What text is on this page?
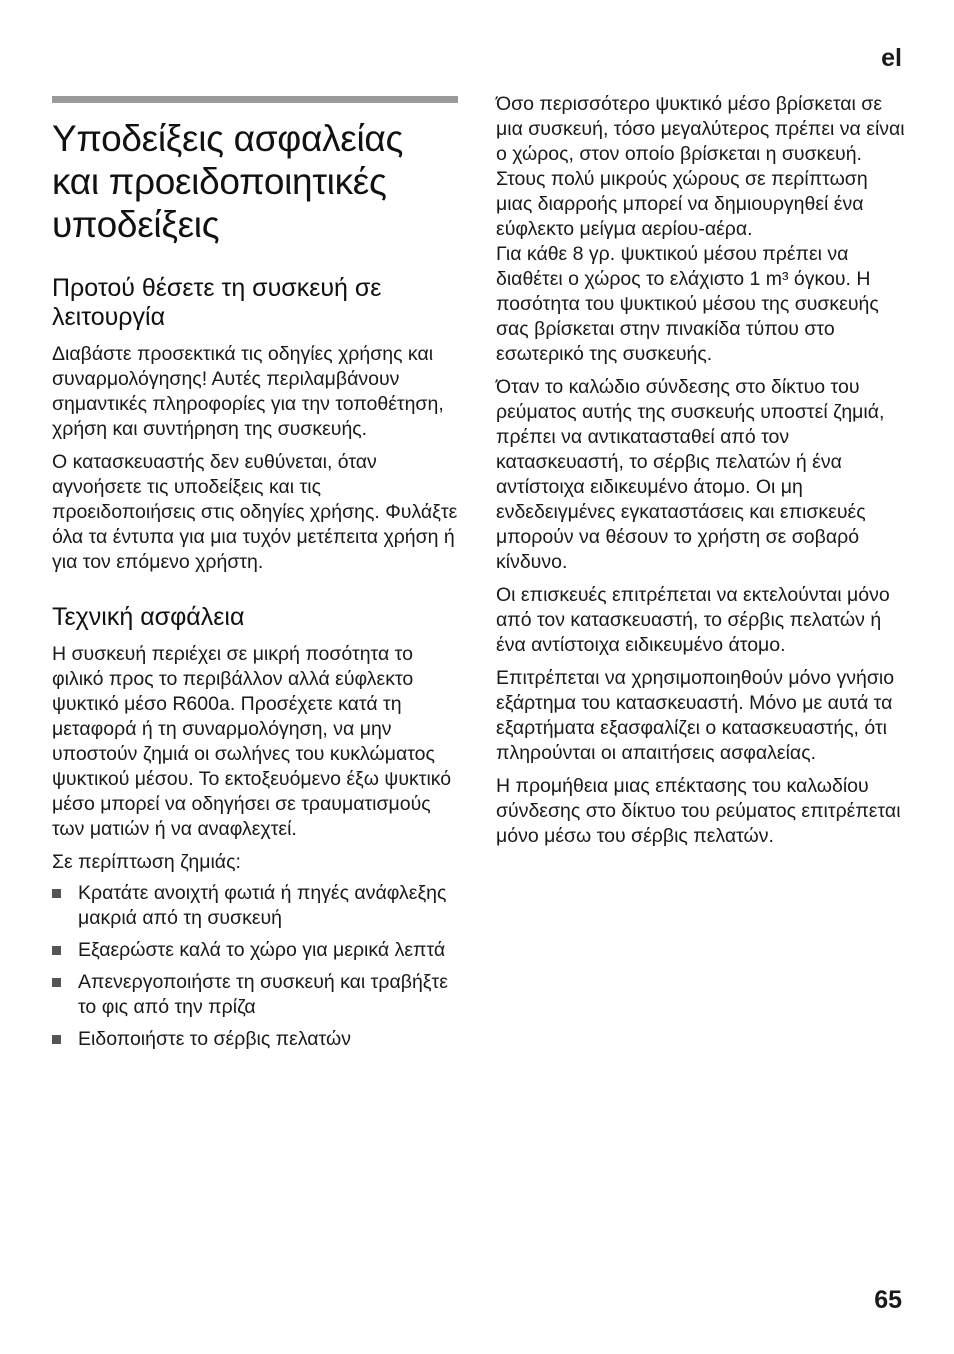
el
Υποδείξεις ασφαλείας και προειδοποιητικές υποδείξεις
Προτού θέσετε τη συσκευή σε λειτουργία

Διαβάστε προσεκτικά τις οδηγίες χρήσης και συναρμολόγησης! Αυτές περιλαμβάνουν σημαντικές πληροφορίες για την τοποθέτηση, χρήση και συντήρηση της συσκευής.

Ο κατασκευαστής δεν ευθύνεται, όταν αγνοήσετε τις υποδείξεις και τις προειδοποιήσεις στις οδηγίες χρήσης. Φυλάξτε όλα τα έντυπα για μια τυχόν μετέπειτα χρήση ή για τον επόμενο χρήστη.

Τεχνική ασφάλεια

Η συσκευή περιέχει σε μικρή ποσότητα το φιλικό προς το περιβάλλον αλλά εύφλεκτο ψυκτικό μέσο R600a. Προσέχετε κατά τη μεταφορά ή τη συναρμολόγηση, να μην υποστούν ζημιά οι σωλήνες του κυκλώματος ψυκτικού μέσου. Το εκτοξευόμενο έξω ψυκτικό μέσο μπορεί να οδηγήσει σε τραυματισμούς των ματιών ή να αναφλεχτεί.

Σε περίπτωση ζημιάς:

Κρατάτε ανοιχτή φωτιά ή πηγές ανάφλεξης μακριά από τη συσκευή
Εξαερώστε καλά το χώρο για μερικά λεπτά
Απενεργοποιήστε τη συσκευή και τραβήξτε το φις από την πρίζα
Ειδοποιήστε το σέρβις πελατών

Όσο περισσότερο ψυκτικό μέσο βρίσκεται σε μια συσκευή, τόσο μεγαλύτερος πρέπει να είναι ο χώρος, στον οποίο βρίσκεται η συσκευή. Στους πολύ μικρούς χώρους σε περίπτωση μιας διαρροής μπορεί να δημιουργηθεί ένα εύφλεκτο μείγμα αερίου-αέρα.

Για κάθε 8 γρ. ψυκτικού μέσου πρέπει να διαθέτει ο χώρος το ελάχιστο 1 m³ όγκου. Η ποσότητα του ψυκτικού μέσου της συσκευής σας βρίσκεται στην πινακίδα τύπου στο εσωτερικό της συσκευής.

Όταν το καλώδιο σύνδεσης στο δίκτυο του ρεύματος αυτής της συσκευής υποστεί ζημιά, πρέπει να αντικατασταθεί από τον κατασκευαστή, το σέρβις πελατών ή ένα αντίστοιχα ειδικευμένο άτομο. Οι μη ενδεδειγμένες εγκαταστάσεις και επισκευές μπορούν να θέσουν το χρήστη σε σοβαρό κίνδυνο.

Οι επισκευές επιτρέπεται να εκτελούνται μόνο από τον κατασκευαστή, το σέρβις πελατών ή ένα αντίστοιχα ειδικευμένο άτομο.

Επιτρέπεται να χρησιμοποιηθούν μόνο γνήσιο εξάρτημα του κατασκευαστή. Μόνο με αυτά τα εξαρτήματα εξασφαλίζει ο κατασκευαστής, ότι πληρούνται οι απαιτήσεις ασφαλείας.

Η προμήθεια μιας επέκτασης του καλωδίου σύνδεσης στο δίκτυο του ρεύματος επιτρέπεται μόνο μέσω του σέρβις πελατών.

65
